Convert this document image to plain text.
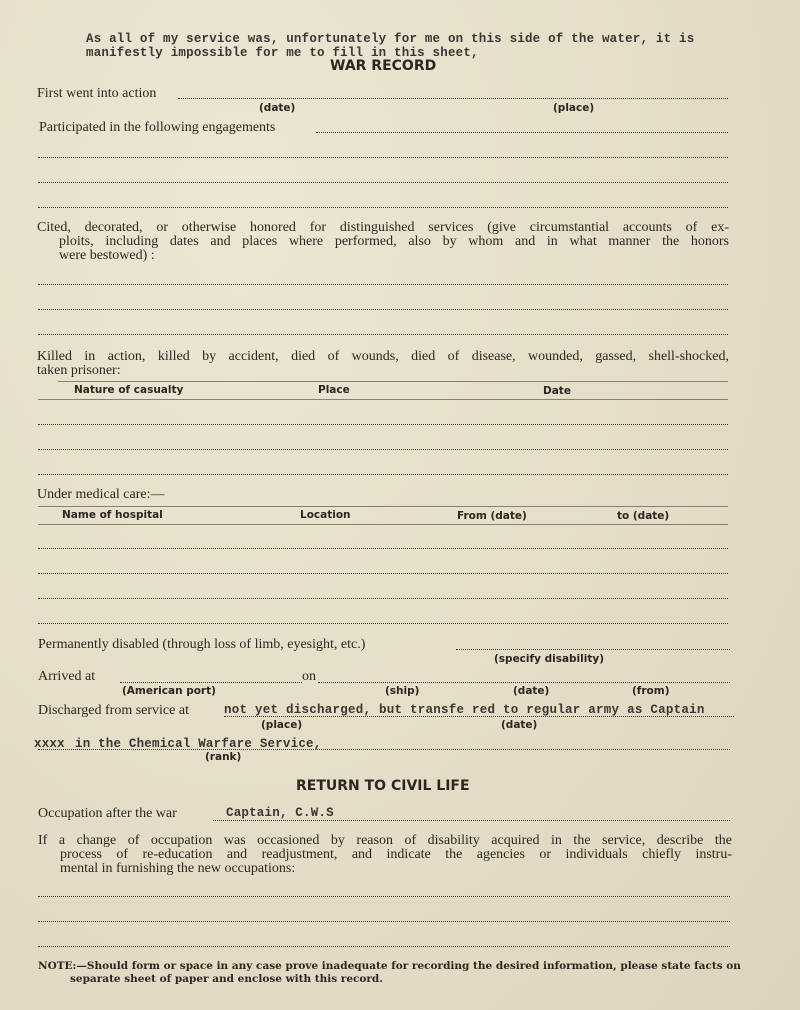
As all of my service was, unfortunately for me on this side of the water, it is
manifestly impossible for me to fill in this sheet,
WAR RECORD
First went into action
(date)	(place)
Participated in the following engagements
Cited, decorated, or otherwise honored for distinguished services (give circumstantial accounts of ex-
ploits, including dates and places where performed, also by whom and in what manner the honors
were bestowed) :
Killed in action, killed by accident, died of wounds, died of disease, wounded, gassed, shell-shocked,
taken prisoner:
Nature of casualty	Place	Date
Under medical care:—
Name of hospital	Location	From (date)	to (date)
Permanently disabled (through loss of limb, eyesight, etc.)
(specify disability)
Arrived at	on
(American port)	(ship)	(date)	(from)
Discharged from service at	not yet discharged, but transfe red to regular army as Captain
(place)	(date)
xxxx in the Chemical Warfare Service,
(rank)
RETURN TO CIVIL LIFE
Occupation after the war	Captain, C.W.S
If a change of occupation was occasioned by reason of disability acquired in the service, describe the
process of re-education and readjustment, and indicate the agencies or individuals chiefly instru-
mental in furnishing the new occupations:
NOTE:—Should form or space in any case prove inadequate for recording the desired information, please state facts on
separate sheet of paper and enclose with this record.
